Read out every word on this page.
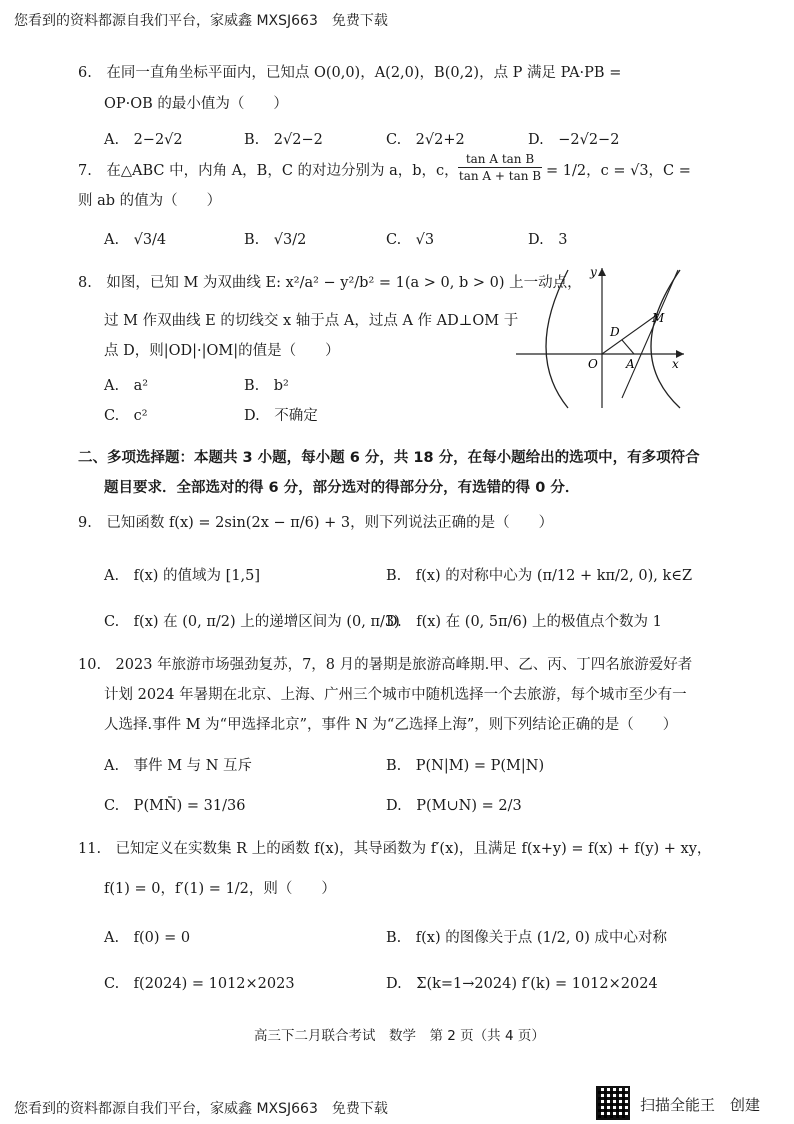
您看到的资料都源自我们平台，家威鑫 MXSJ663　免费下载
6.　在同一直角坐标平面内，已知点 O(0,0)，A(2,0)，B(0,2)，点 P 满足 PA·PB =
OP·OB 的最小值为（　　）
A.　2−2√2	B.　2√2−2	C.　2√2+2	D.　−2√2−2
7.　在△ABC 中，内角 A，B，C 的对边分别为 a，b，c， $\frac{\text{tan A tan B}}{\text{tan A + tan B}} = 1/2$，c = √3，C =
则 ab 的值为（　　）
A.　√3/4	B.　√3/2	C.　√3	D.　3
8.　如图，已知 M 为双曲线 E: x²/a² − y²/b² = 1(a > 0, b > 0) 上一动点，
过 M 作双曲线 E 的切线交 x 轴于点 A，过点 A 作 AD⊥OM 于
点 D，则|OD|·|OM|的值是（　　）
A.　a²	B.　b²
C.　c²	D.　不确定
y
x
O A
D
M
二、多项选择题：本题共 3 小题，每小题 6 分，共 18 分，在每小题给出的选项中，有多项符合
题目要求．全部选对的得 6 分，部分选对的得部分分，有选错的得 0 分．
9.　已知函数 f(x) = 2sin(2x − π/6) + 3，则下列说法正确的是（　　）
A.　f(x) 的值域为 [1,5]	B.　f(x) 的对称中心为 (π/12 + kπ/2, 0), k∈Z
C.　f(x) 在 (0, π/2) 上的递增区间为 (0, π/3)
D.　f(x) 在 (0, 5π/6) 上的极值点个数为 1
10.　2023 年旅游市场强劲复苏，7，8 月的暑期是旅游高峰期.甲、乙、丙、丁四名旅游爱好者
计划 2024 年暑期在北京、上海、广州三个城市中随机选择一个去旅游，每个城市至少有一
人选择.事件 M 为“甲选择北京”，事件 N 为“乙选择上海”，则下列结论正确的是（　　）
A.　事件 M 与 N 互斥	B.　P(N|M) = P(M|N)
C.　P(MN̄) = 31/36	D.　P(M∪N) = 2/3
11.　已知定义在实数集 R 上的函数 f(x)，其导函数为 f′(x)，且满足 f(x+y) = f(x) + f(y) + xy，
f(1) = 0，f′(1) = 1/2，则（　　）
A.　f(0) = 0	B.　f(x) 的图像关于点 (1/2, 0) 成中心对称
C.　f(2024) = 1012×2023	D.　Σ(k=1→2024) f′(k) = 1012×2024
高三下二月联合考试　数学　第 2 页（共 4 页）
您看到的资料都源自我们平台，家威鑫 MXSJ663　免费下载	扫描全能王　创建
